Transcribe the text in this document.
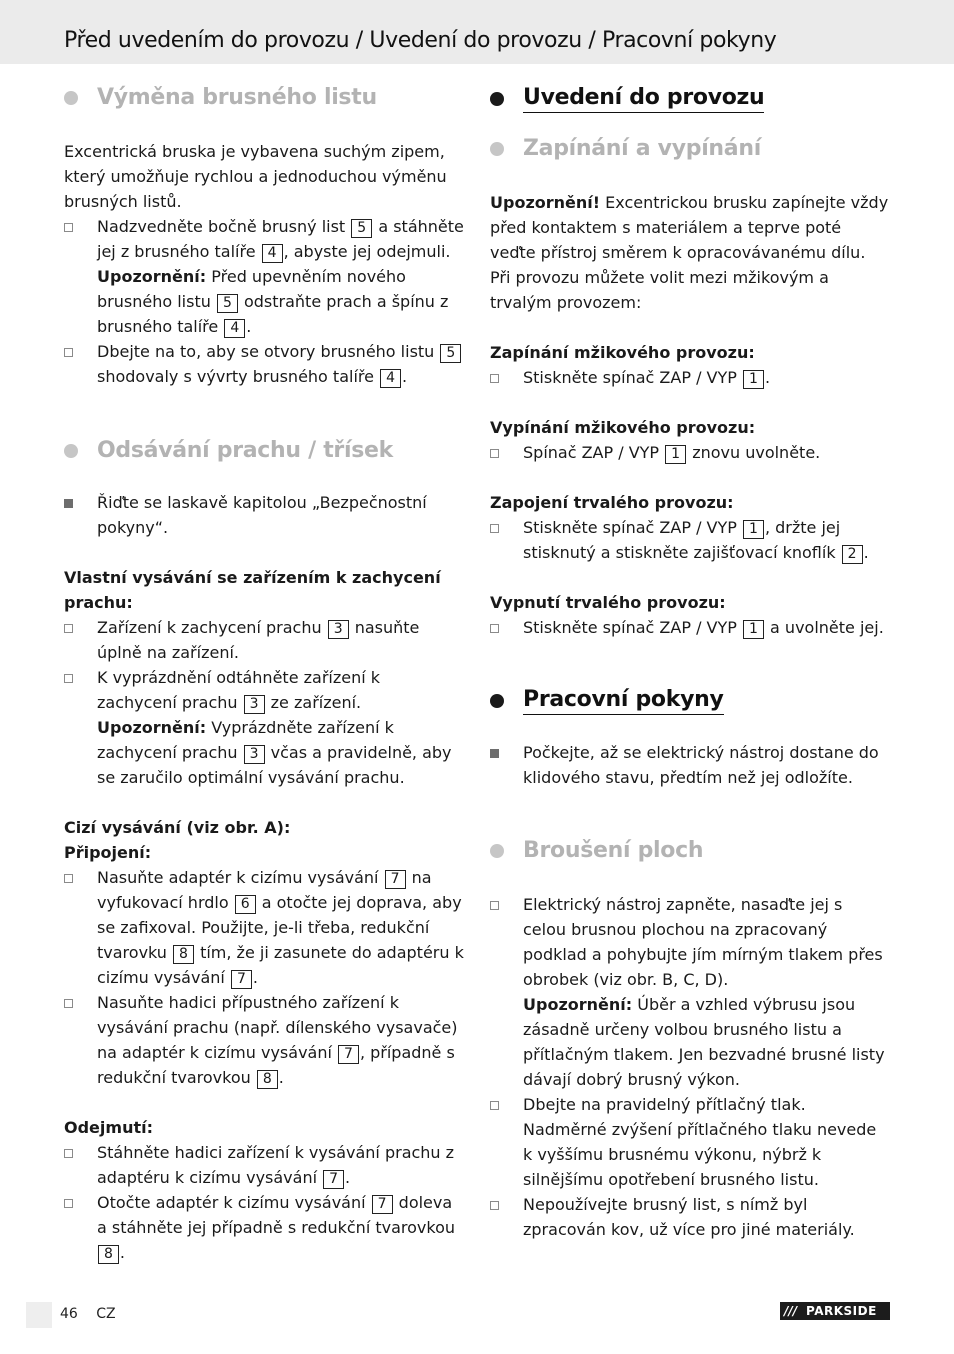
Před uvedením do provozu / Uvedení do provozu / Pracovní pokyny
Výměna brusného listu

Excentrická bruska je vybavena suchým zipem, který umožňuje rychlou a jednoduchou výměnu brusných listů.

Nadzvedněte bočně brusný list 5 a stáhněte jej z brusného talíře 4 , abyste jej odejmuli.
Upozornění: Před upevněním nového brusného listu 5 odstraňte prach a špínu z brusného talíře 4 .
Dbejte na to, aby se otvory brusného listu 5 shodovaly s vývrty brusného talíře 4 .
Odsávání prachu / třísek
Řiďte se laskavě kapitolou „Bezpečnostní pokyny“.

Vlastní vysávání se zařízením k zachycení prachu:

Zařízení k zachycení prachu 3 nasuňte úplně na zařízení.
K vyprázdnění odtáhněte zařízení k zachycení prachu 3 ze zařízení.
Upozornění: Vyprázdněte zařízení k zachycení prachu 3 včas a pravidelně, aby se zaručilo optimální vysávání prachu.

Cizí vysávání (viz obr. A):

Připojení:

Nasuňte adaptér k cizímu vysávání 7 na vyfukovací hrdlo 6 a otočte jej doprava, aby se zafixoval. Použijte, je-li třeba, redukční tvarovku 8 tím, že ji zasunete do adaptéru k cizímu vysávání 7 .
Nasuňte hadici přípustného zařízení k vysávání prachu (např. dílenského vysavače) na adaptér k cizímu vysávání 7 , případně s redukční tvarovkou 8 .

Odejmutí:

Stáhněte hadici zařízení k vysávání prachu z adaptéru k cizímu vysávání 7 .
Otočte adaptér k cizímu vysávání 7 doleva a stáhněte jej případně s redukční tvarovkou 8 .
Uvedení do provozu
Zapínání a vypínání

Upozornění! Excentrickou brusku zapínejte vždy před kontaktem s materiálem a teprve poté veďte přístroj směrem k opracovávanému dílu.

Při provozu můžete volit mezi mžikovým a trvalým provozem:

Zapínání mžikového provozu:

Stiskněte spínač ZAP / VYP 1 .

Vypínání mžikového provozu:

Spínač ZAP / VYP 1 znovu uvolněte.

Zapojení trvalého provozu:

Stiskněte spínač ZAP / VYP 1 , držte jej stisknutý a stiskněte zajišťovací knoflík 2 .

Vypnutí trvalého provozu:

Stiskněte spínač ZAP / VYP 1 a uvolněte jej.
Pracovní pokyny
Počkejte, až se elektrický nástroj dostane do klidového stavu, předtím než jej odložíte.
Broušení ploch
Elektrický nástroj zapněte, nasaďte jej s celou brusnou plochou na zpracovaný podklad a pohybujte jím mírným tlakem přes obrobek (viz obr. B, C, D).
Upozornění: Úběr a vzhled výbrusu jsou zásadně určeny volbou brusného listu a přítlačným tlakem. Jen bezvadné brusné listy dávají dobrý brusný výkon.
Dbejte na pravidelný přítlačný tlak. Nadměrné zvýšení přítlačného tlaku nevede k vyššímu brusnému výkonu, nýbrž k silnějšímu opotřebení brusného listu.
Nepoužívejte brusný list, s nímž byl zpracován kov, už více pro jiné materiály.
46 CZ	/// PARKSIDE
